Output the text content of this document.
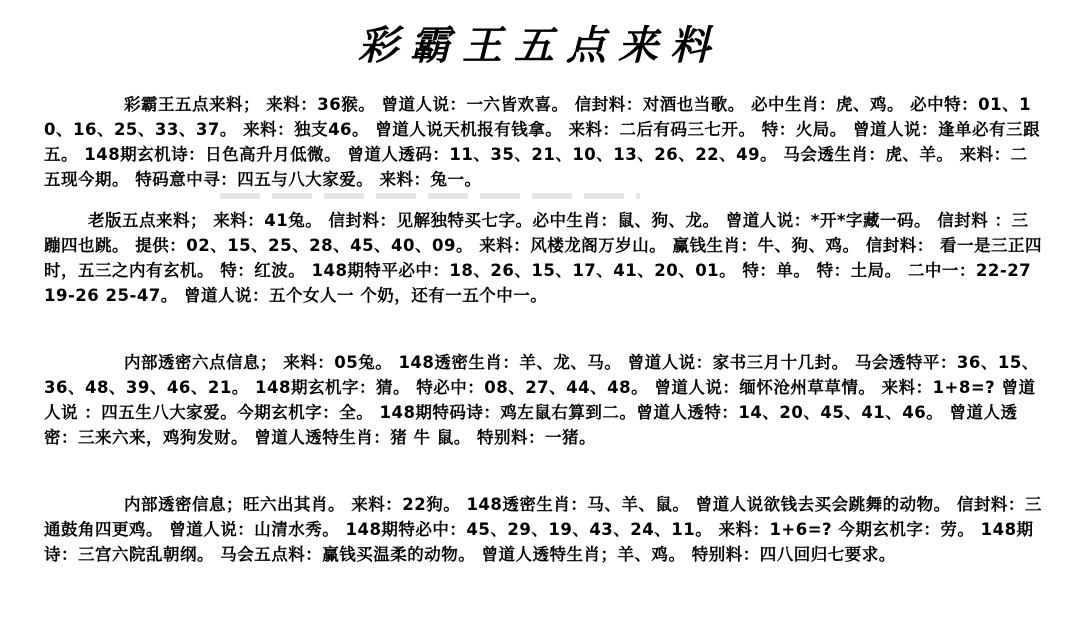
彩霸王五点来料
彩霸王五点来料； 来料：36猴。 曾道人说：一六皆欢喜。 信封料：对酒也当歌。 必中生肖：虎、鸡。 必中特：01、10、16、25、33、37。 来料：独支46。 曾道人说天机报有钱拿。 来料：二后有码三七开。 特：火局。 曾道人说：逢单必有三跟五。 148期玄机诗：日色高升月低微。 曾道人透码：11、35、21、10、13、26、22、49。 马会透生肖：虎、羊。 来料：二五现今期。 特码意中寻：四五与八大家爱。 来料：兔一。
老版五点来料； 来料：41兔。 信封料：见解独特买七字。必中生肖：鼠、狗、龙。 曾道人说：*开*字藏一码。 信封料 ：三蹦四也跳。 提供：02、15、25、28、45、40、09。 来料：风楼龙阁万岁山。 赢钱生肖：牛、狗、鸡。 信封料： 看一是三正四时，五三之内有玄机。 特：红波。 148期特平必中：18、26、15、17、41、20、01。 特：单。 特：土局。 二中一：22-27 19-26 25-47。 曾道人说：五个女人一 个奶，还有一五个中一。
内部透密六点信息； 来料：05兔。 148透密生肖：羊、龙、马。 曾道人说：家书三月十几封。 马会透特平：36、15、36、48、39、46、21。 148期玄机字：猜。 特必中：08、27、44、48。 曾道人说：缅怀沧州草草情。 来料：1+8=? 曾道人说 ：四五生八大家爱。今期玄机字：全。 148期特码诗：鸡左鼠右算到二。曾道人透特：14、20、45、41、46。 曾道人透密：三来六来，鸡狗发财。 曾道人透特生肖：猪 牛 鼠。 特别料：一猪。
内部透密信息；旺六出其肖。 来料：22狗。 148透密生肖：马、羊、鼠。 曾道人说欲钱去买会跳舞的动物。 信封料：三通鼓角四更鸡。 曾道人说：山清水秀。 148期特必中：45、29、19、43、24、11。 来料：1+6=? 今期玄机字：劳。 148期诗：三宫六院乱朝纲。 马会五点料：赢钱买温柔的动物。 曾道人透特生肖；羊、鸡。 特别料：四八回归七要求。
